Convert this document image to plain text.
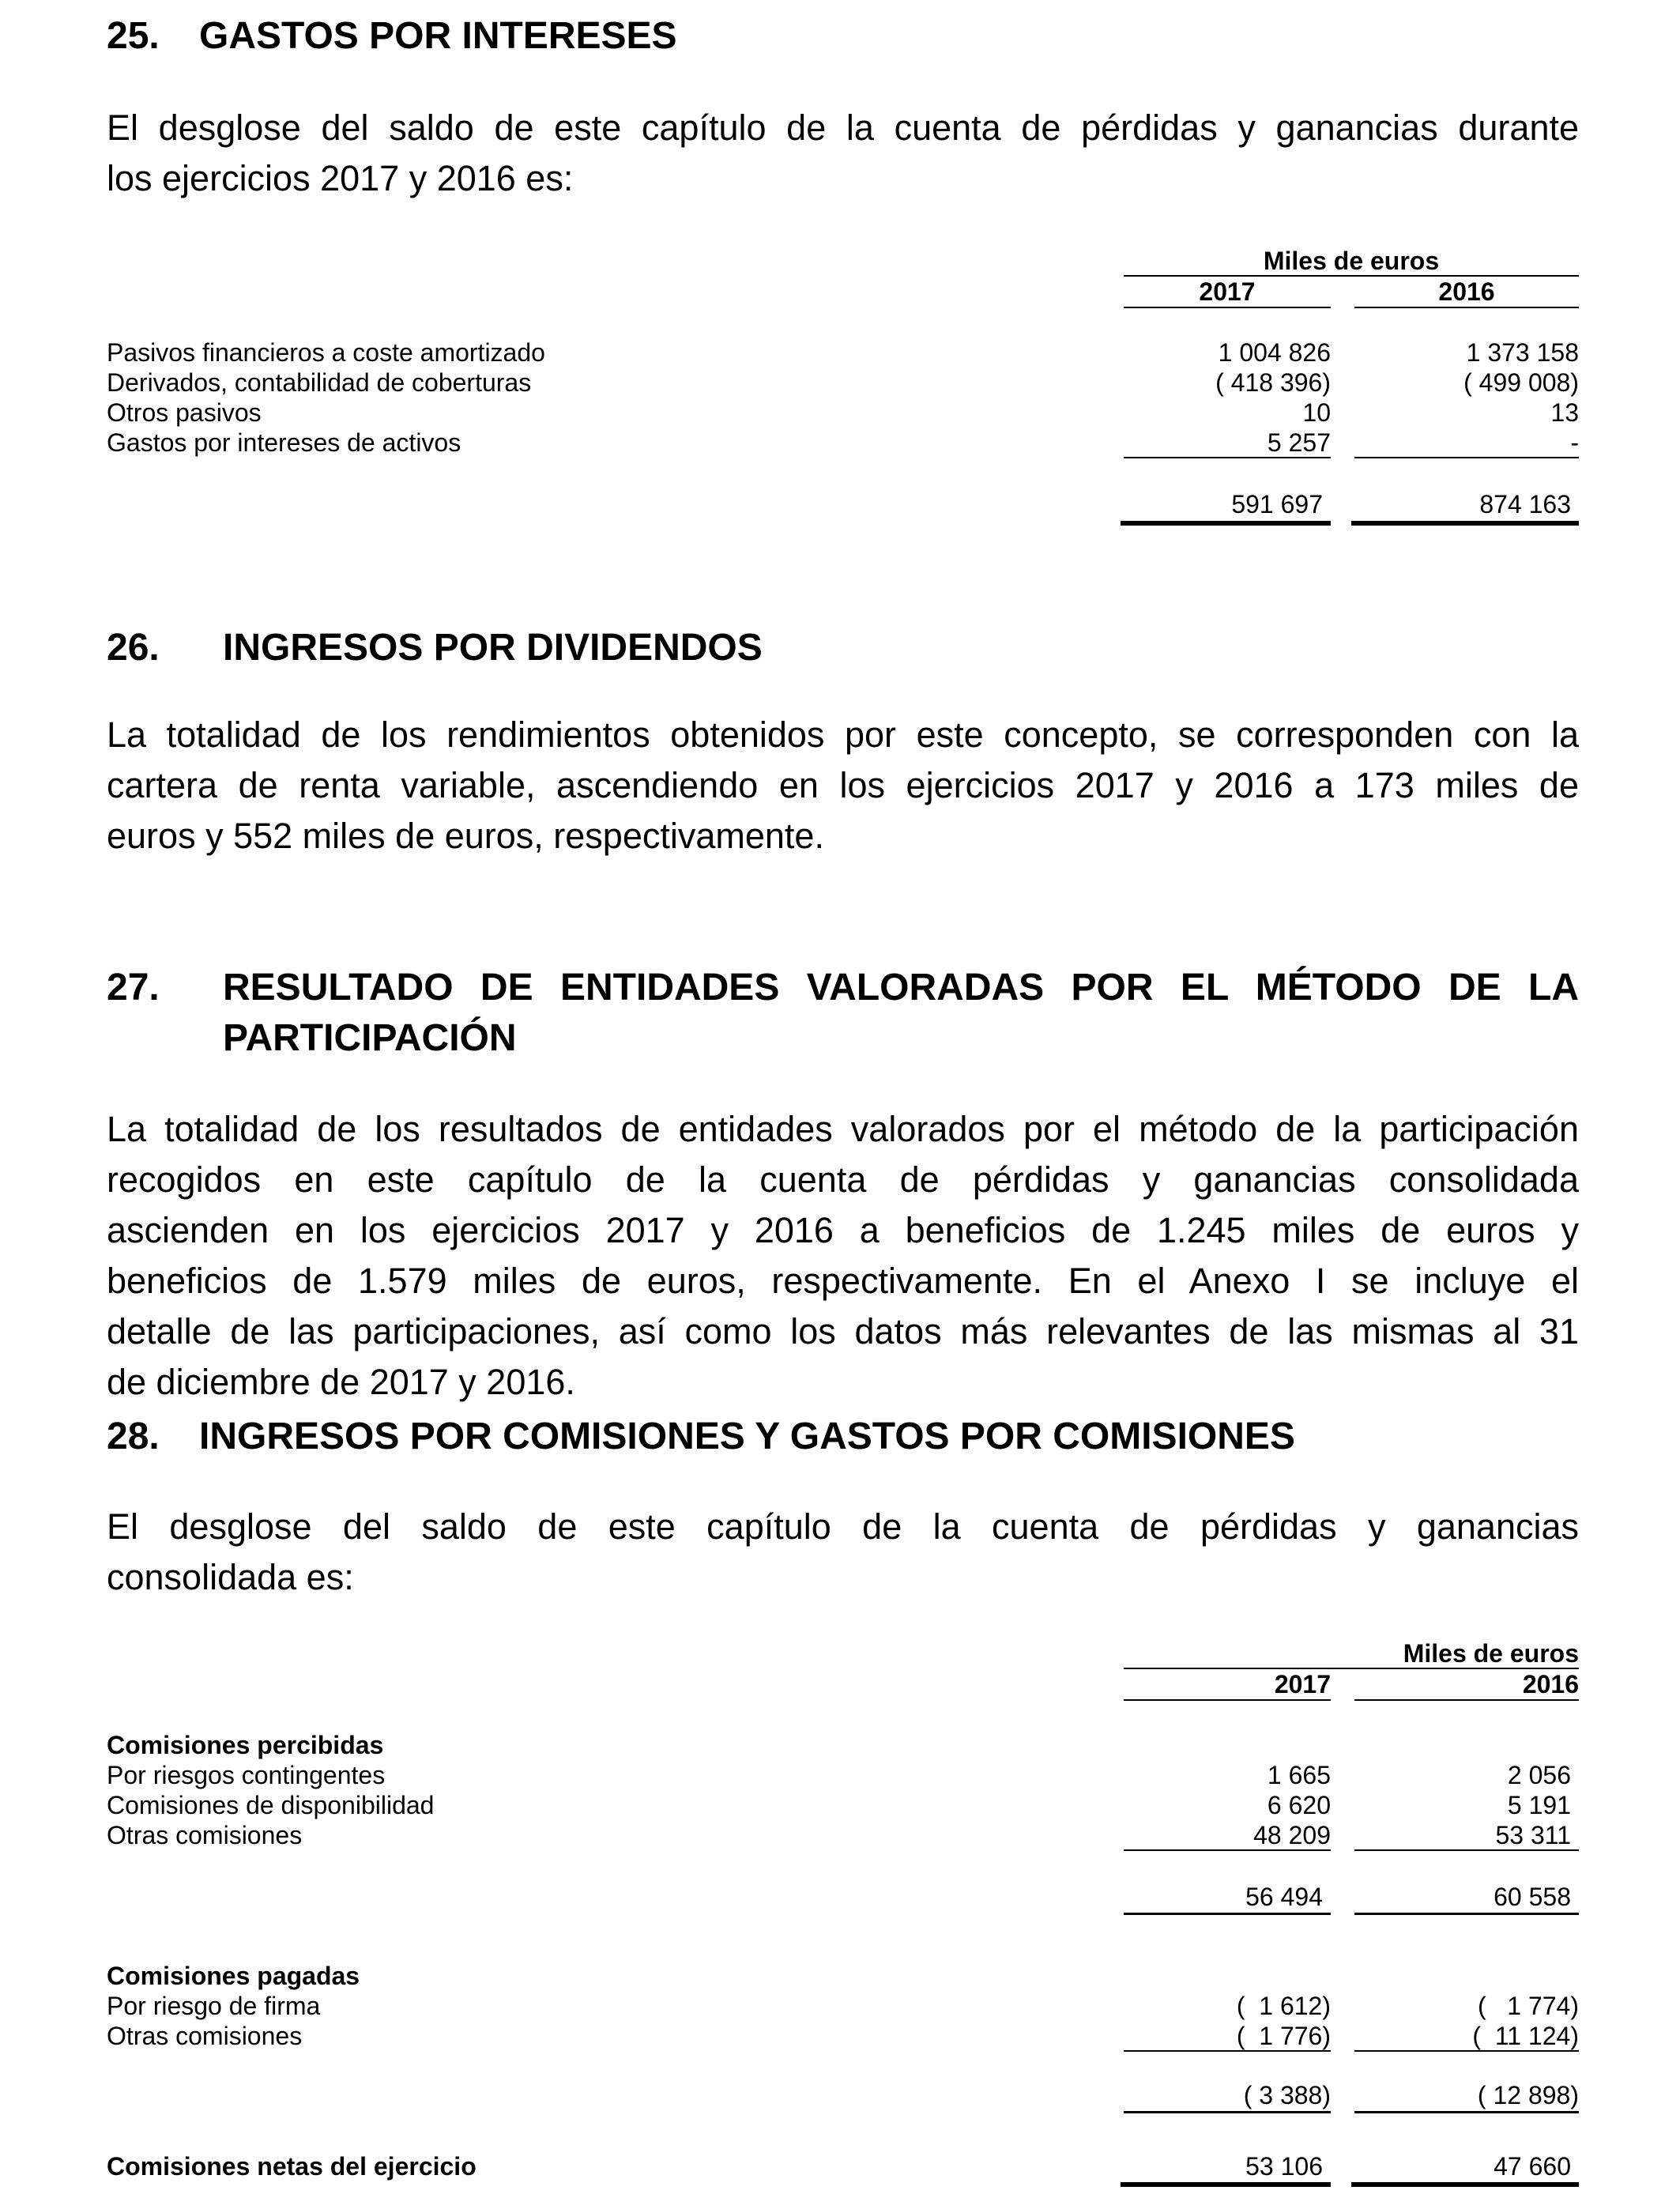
25. GASTOS POR INTERESES
El desglose del saldo de este capítulo de la cuenta de pérdidas y ganancias durante
los ejercicios 2017 y 2016 es:
Miles de euros
2017	2016
Pasivos financieros a coste amortizado	1 004 826	1 373 158
Derivados, contabilidad de coberturas	( 418 396)	( 499 008)
Otros pasivos	10	13
Gastos por intereses de activos	5 257	-
591 697	874 163
26. INGRESOS POR DIVIDENDOS
La totalidad de los rendimientos obtenidos por este concepto, se corresponden con la
cartera de renta variable, ascendiendo en los ejercicios 2017 y 2016 a 173 miles de
euros y 552 miles de euros, respectivamente.
27. RESULTADO DE ENTIDADES VALORADAS POR EL MÉTODO DE LA
PARTICIPACIÓN
La totalidad de los resultados de entidades valorados por el método de la participación
recogidos en este capítulo de la cuenta de pérdidas y ganancias consolidada
ascienden en los ejercicios 2017 y 2016 a beneficios de 1.245 miles de euros y
beneficios de 1.579 miles de euros, respectivamente. En el Anexo I se incluye el
detalle de las participaciones, así como los datos más relevantes de las mismas al 31
de diciembre de 2017 y 2016.
28. INGRESOS POR COMISIONES Y GASTOS POR COMISIONES
El desglose del saldo de este capítulo de la cuenta de pérdidas y ganancias
consolidada es:
Miles de euros
2017	2016
Comisiones percibidas
Por riesgos contingentes	1 665	2 056
Comisiones de disponibilidad	6 620	5 191
Otras comisiones	48 209	53 311
56 494	60 558
Comisiones pagadas
Por riesgo de firma	(  1 612)	(   1 774)
Otras comisiones	(  1 776)	(  11 124)
( 3 388)	( 12 898)
Comisiones netas del ejercicio	53 106	47 660
